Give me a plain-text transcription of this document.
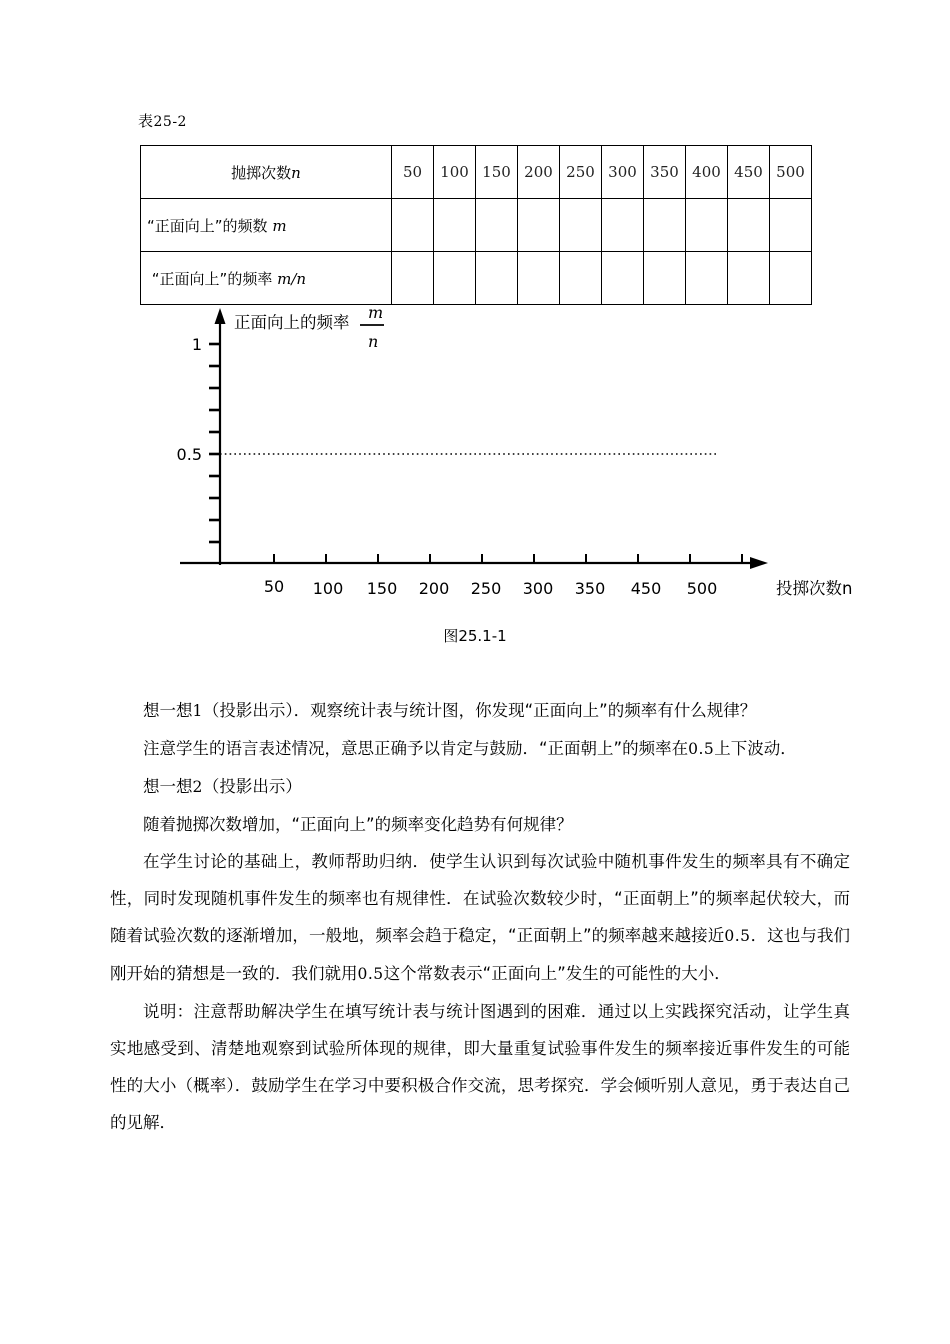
表25-2
抛掷次数n	50	100	150	200	250	300	350	400	450	500
“正面向上”的频数 m										
“正面向上”的频率 m/n										
1
0.5
正面向上的频率
m
n
50 100 150 200 250 300 350 450 500	投掷次数n
图25.1-1

想一想1（投影出示）．观察统计表与统计图，你发现“正面向上”的频率有什么规律？

注意学生的语言表述情况，意思正确予以肯定与鼓励．“正面朝上”的频率在0.5上下波动．

想一想2（投影出示）

随着抛掷次数增加，“正面向上”的频率变化趋势有何规律？

在学生讨论的基础上，教师帮助归纳．使学生认识到每次试验中随机事件发生的频率具有不确定性，同时发现随机事件发生的频率也有规律性．在试验次数较少时，“正面朝上”的频率起伏较大，而随着试验次数的逐渐增加，一般地，频率会趋于稳定，“正面朝上”的频率越来越接近0.5．这也与我们刚开始的猜想是一致的．我们就用0.5这个常数表示“正面向上”发生的可能性的大小．

说明：注意帮助解决学生在填写统计表与统计图遇到的困难．通过以上实践探究活动，让学生真实地感受到、清楚地观察到试验所体现的规律，即大量重复试验事件发生的频率接近事件发生的可能性的大小（概率）．鼓励学生在学习中要积极合作交流，思考探究．学会倾听别人意见，勇于表达自己的见解．
